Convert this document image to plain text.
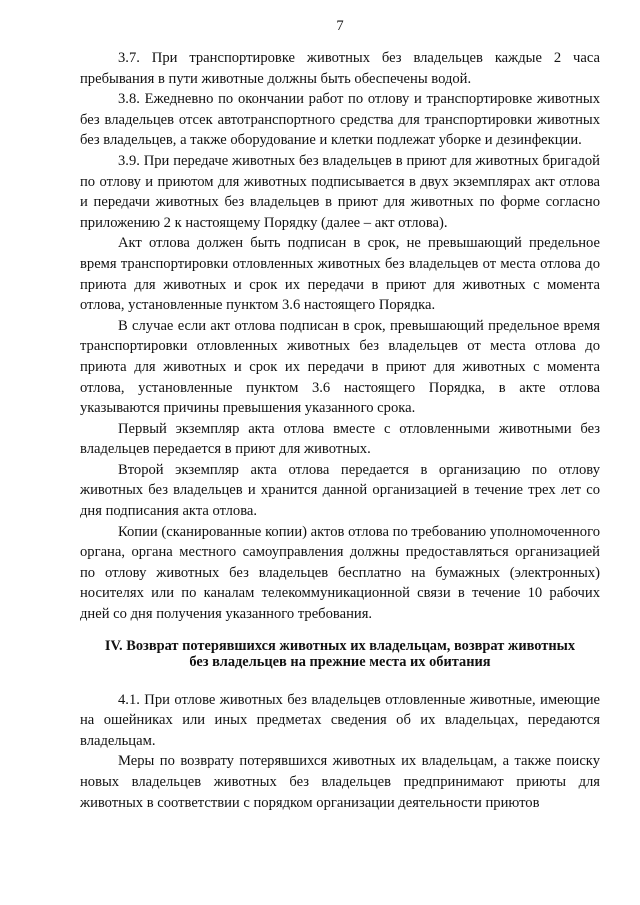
7

3.7. При транспортировке животных без владельцев каждые 2 часа пребывания в пути животные должны быть обеспечены водой.

3.8. Ежедневно по окончании работ по отлову и транспортировке животных без владельцев отсек автотранспортного средства для транспортировки животных без владельцев, а также оборудование и клетки подлежат уборке и дезинфекции.

3.9. При передаче животных без владельцев в приют для животных бригадой по отлову и приютом для животных подписывается в двух экземплярах акт отлова и передачи животных без владельцев в приют для животных по форме согласно приложению 2 к настоящему Порядку (далее – акт отлова).

Акт отлова должен быть подписан в срок, не превышающий предельное время транспортировки отловленных животных без владельцев от места отлова до приюта для животных и срок их передачи в приют для животных с момента отлова, установленные пунктом 3.6 настоящего Порядка.

В случае если акт отлова подписан в срок, превышающий предельное время транспортировки отловленных животных без владельцев от места отлова до приюта для животных и срок их передачи в приют для животных с момента отлова, установленные пунктом 3.6 настоящего Порядка, в акте отлова указываются причины превышения указанного срока.

Первый экземпляр акта отлова вместе с отловленными животными без владельцев передается в приют для животных.

Второй экземпляр акта отлова передается в организацию по отлову животных без владельцев и хранится данной организацией в течение трех лет со дня подписания акта отлова.

Копии (сканированные копии) актов отлова по требованию уполномоченного органа, органа местного самоуправления должны предоставляться организацией по отлову животных без владельцев бесплатно на бумажных (электронных) носителях или по каналам телекоммуникационной связи в течение 10 рабочих дней со дня получения указанного требования.

IV. Возврат потерявшихся животных их владельцам, возврат животных
без владельцев на прежние места их обитания

4.1. При отлове животных без владельцев отловленные животные, имеющие на ошейниках или иных предметах сведения об их владельцах, передаются владельцам.

Меры по возврату потерявшихся животных их владельцам, а также поиску новых владельцев животных без владельцев предпринимают приюты для животных в соответствии с порядком организации деятельности приютов
